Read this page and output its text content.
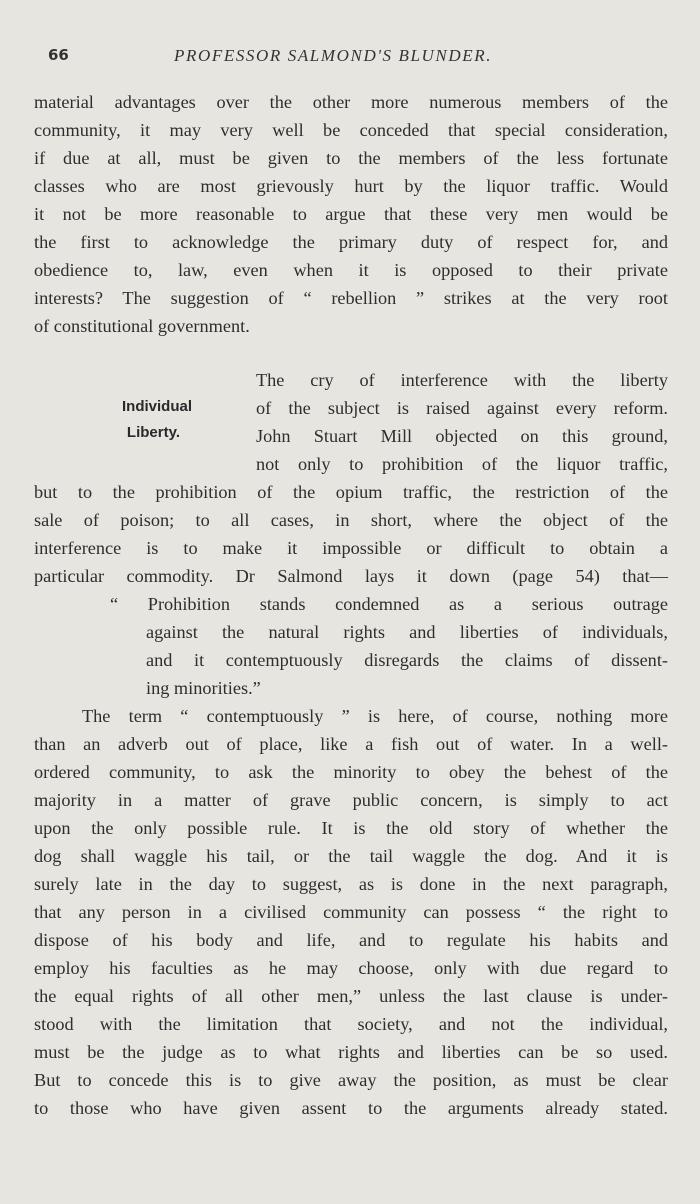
66	PROFESSOR SALMOND'S BLUNDER.
Individual
Liberty.
material advantages over the other more numerous members of the
community, it may very well be conceded that special consideration,
if due at all, must be given to the members of the less fortunate
classes who are most grievously hurt by the liquor traffic. Would
it not be more reasonable to argue that these very men would be
the first to acknowledge the primary duty of respect for, and
obedience to, law, even when it is opposed to their private
interests? The suggestion of “ rebellion ” strikes at the very root
of constitutional government.
The cry of interference with the liberty
of the subject is raised against every reform.
John Stuart Mill objected on this ground,
not only to prohibition of the liquor traffic,
but to the prohibition of the opium traffic, the restriction of the
sale of poison; to all cases, in short, where the object of the
interference is to make it impossible or difficult to obtain a
particular commodity. Dr Salmond lays it down (page 54) that—
“ Prohibition stands condemned as a serious outrage
against the natural rights and liberties of individuals,
and it contemptuously disregards the claims of dissent-
ing minorities.”
The term “ contemptuously ” is here, of course, nothing more
than an adverb out of place, like a fish out of water. In a well-
ordered community, to ask the minority to obey the behest of the
majority in a matter of grave public concern, is simply to act
upon the only possible rule. It is the old story of whether the
dog shall waggle his tail, or the tail waggle the dog. And it is
surely late in the day to suggest, as is done in the next paragraph,
that any person in a civilised community can possess “ the right to
dispose of his body and life, and to regulate his habits and
employ his faculties as he may choose, only with due regard to
the equal rights of all other men,” unless the last clause is under-
stood with the limitation that society, and not the individual,
must be the judge as to what rights and liberties can be so used.
But to concede this is to give away the position, as must be clear
to those who have given assent to the arguments already stated.
